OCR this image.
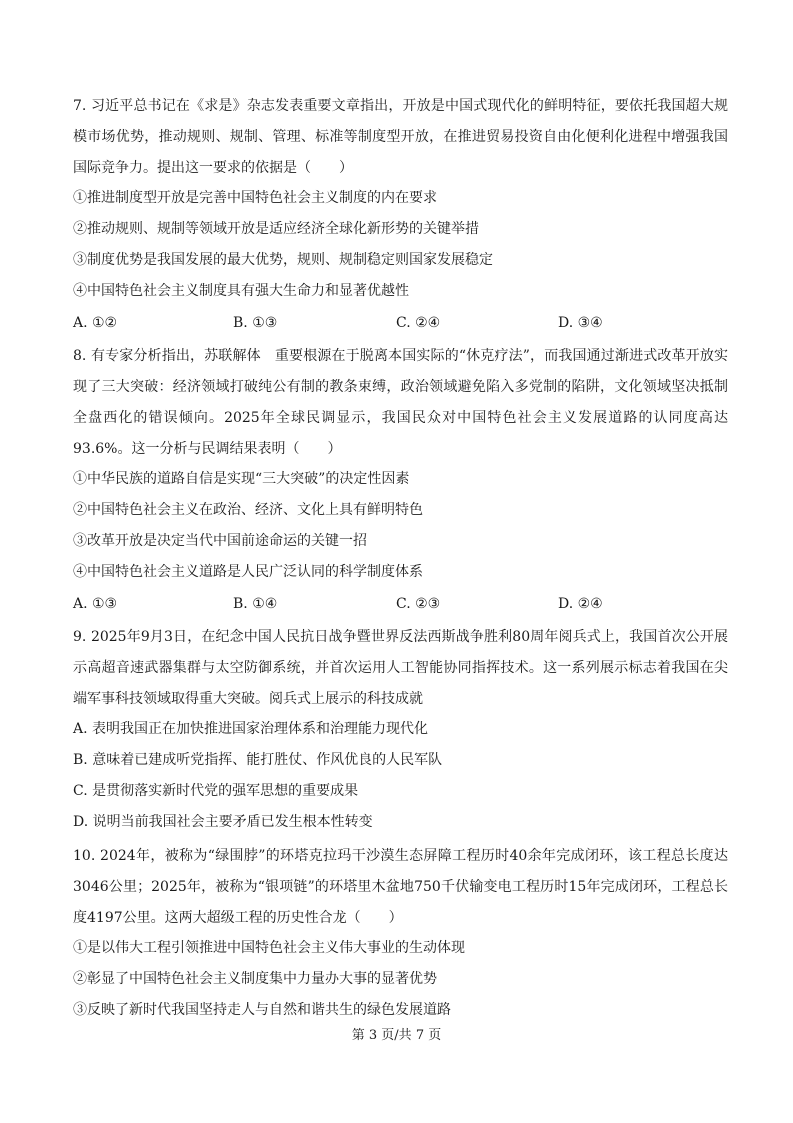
7. 习近平总书记在《求是》杂志发表重要文章指出，开放是中国式现代化的鲜明特征，要依托我国超大规模市场优势，推动规则、规制、管理、标准等制度型开放，在推进贸易投资自由化便利化进程中增强我国国际竞争力。提出这一要求的依据是（　　）
①推进制度型开放是完善中国特色社会主义制度的内在要求
②推动规则、规制等领域开放是适应经济全球化新形势的关键举措
③制度优势是我国发展的最大优势，规则、规制稳定则国家发展稳定
④中国特色社会主义制度具有强大生命力和显著优越性
A. ①②	B. ①③	C. ②④	D. ③④
8. 有专家分析指出，苏联解体　重要根源在于脱离本国实际的“休克疗法”，而我国通过渐进式改革开放实现了三大突破：经济领域打破纯公有制的教条束缚，政治领域避免陷入多党制的陷阱，文化领域坚决抵制全盘西化的错误倾向。2025年全球民调显示，我国民众对中国特色社会主义发展道路的认同度高达93.6%。这一分析与民调结果表明（　　）
①中华民族的道路自信是实现“三大突破”的决定性因素
②中国特色社会主义在政治、经济、文化上具有鲜明特色
③改革开放是决定当代中国前途命运的关键一招
④中国特色社会主义道路是人民广泛认同的科学制度体系
A. ①③	B. ①④	C. ②③	D. ②④
9. 2025年9月3日，在纪念中国人民抗日战争暨世界反法西斯战争胜利80周年阅兵式上，我国首次公开展示高超音速武器集群与太空防御系统，并首次运用人工智能协同指挥技术。这一系列展示标志着我国在尖端军事科技领域取得重大突破。阅兵式上展示的科技成就
A. 表明我国正在加快推进国家治理体系和治理能力现代化
B. 意味着已建成听党指挥、能打胜仗、作风优良的人民军队
C. 是贯彻落实新时代党的强军思想的重要成果
D. 说明当前我国社会主要矛盾已发生根本性转变
10. 2024年，被称为“绿围脖”的环塔克拉玛干沙漠生态屏障工程历时40余年完成闭环，该工程总长度达3046公里；2025年，被称为“银项链”的环塔里木盆地750千伏输变电工程历时15年完成闭环，工程总长度4197公里。这两大超级工程的历史性合龙（　　）
①是以伟大工程引领推进中国特色社会主义伟大事业的生动体现
②彰显了中国特色社会主义制度集中力量办大事的显著优势
③反映了新时代我国坚持走人与自然和谐共生的绿色发展道路
第 3 页/共 7 页
